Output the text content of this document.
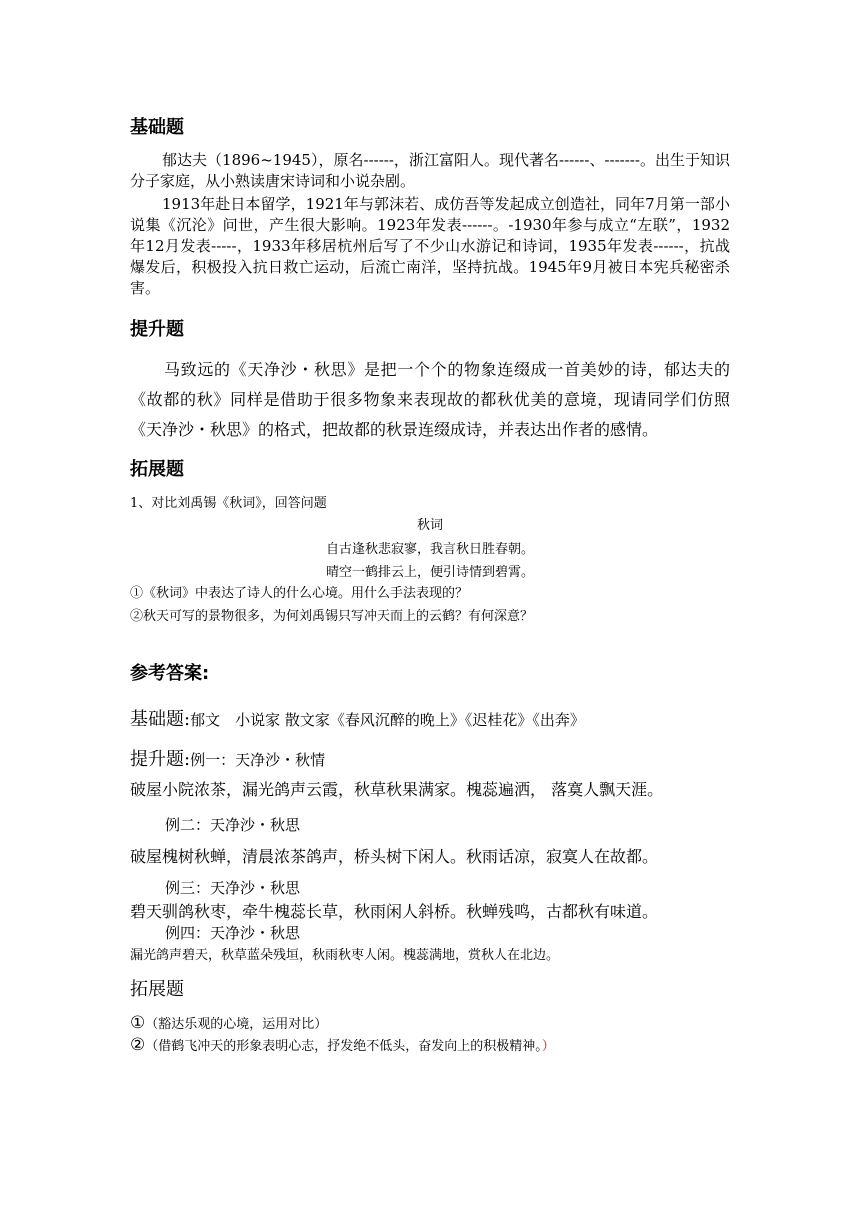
基础题
郁达夫（1896~1945），原名------，浙江富阳人。现代著名------、-------。出生于知识分子家庭，从小熟读唐宋诗词和小说杂剧。
1913年赴日本留学，1921年与郭沫若、成仿吾等发起成立创造社，同年7月第一部小说集《沉沦》问世，产生很大影响。1923年发表------。-1930年参与成立“左联”，1932年12月发表-----，1933年移居杭州后写了不少山水游记和诗词，1935年发表------，抗战爆发后，积极投入抗日救亡运动，后流亡南洋，坚持抗战。1945年9月被日本宪兵秘密杀害。
提升题
马致远的《天净沙・秋思》是把一个个的物象连缀成一首美妙的诗，郁达夫的《故都的秋》同样是借助于很多物象来表现故的都秋优美的意境，现请同学们仿照《天净沙・秋思》的格式，把故都的秋景连缀成诗，并表达出作者的感情。
拓展题
1、对比刘禹锡《秋词》，回答问题
秋词
自古逢秋悲寂寥，我言秋日胜春朝。
晴空一鹤排云上，便引诗情到碧霄。
①《秋词》中表达了诗人的什么心境。用什么手法表现的？
②秋天可写的景物很多，为何刘禹锡只写冲天而上的云鹤？有何深意？
参考答案:
基础题:郁文　小说家 散文家《春风沉醉的晚上》《迟桂花》《出奔》
提升题:例一：天净沙・秋情
破屋小院浓茶，漏光鸽声云霞，秋草秋果满家。槐蕊遍洒， 落寞人飘天涯。
例二：天净沙・秋思
破屋槐树秋蝉，清晨浓茶鸽声，桥头树下闲人。秋雨话凉，寂寞人在故都。
例三：天净沙・秋思
碧天驯鸽秋枣，牵牛槐蕊长草，秋雨闲人斜桥。秋蝉残鸣，古都秋有味道。
例四：天净沙・秋思
漏光鸽声碧天，秋草蓝朵残垣，秋雨秋枣人闲。槐蕊满地，赏秋人在北边。
拓展题
①（豁达乐观的心境，运用对比）
②（借鹤飞冲天的形象表明心志，抒发绝不低头，奋发向上的积极精神。）
